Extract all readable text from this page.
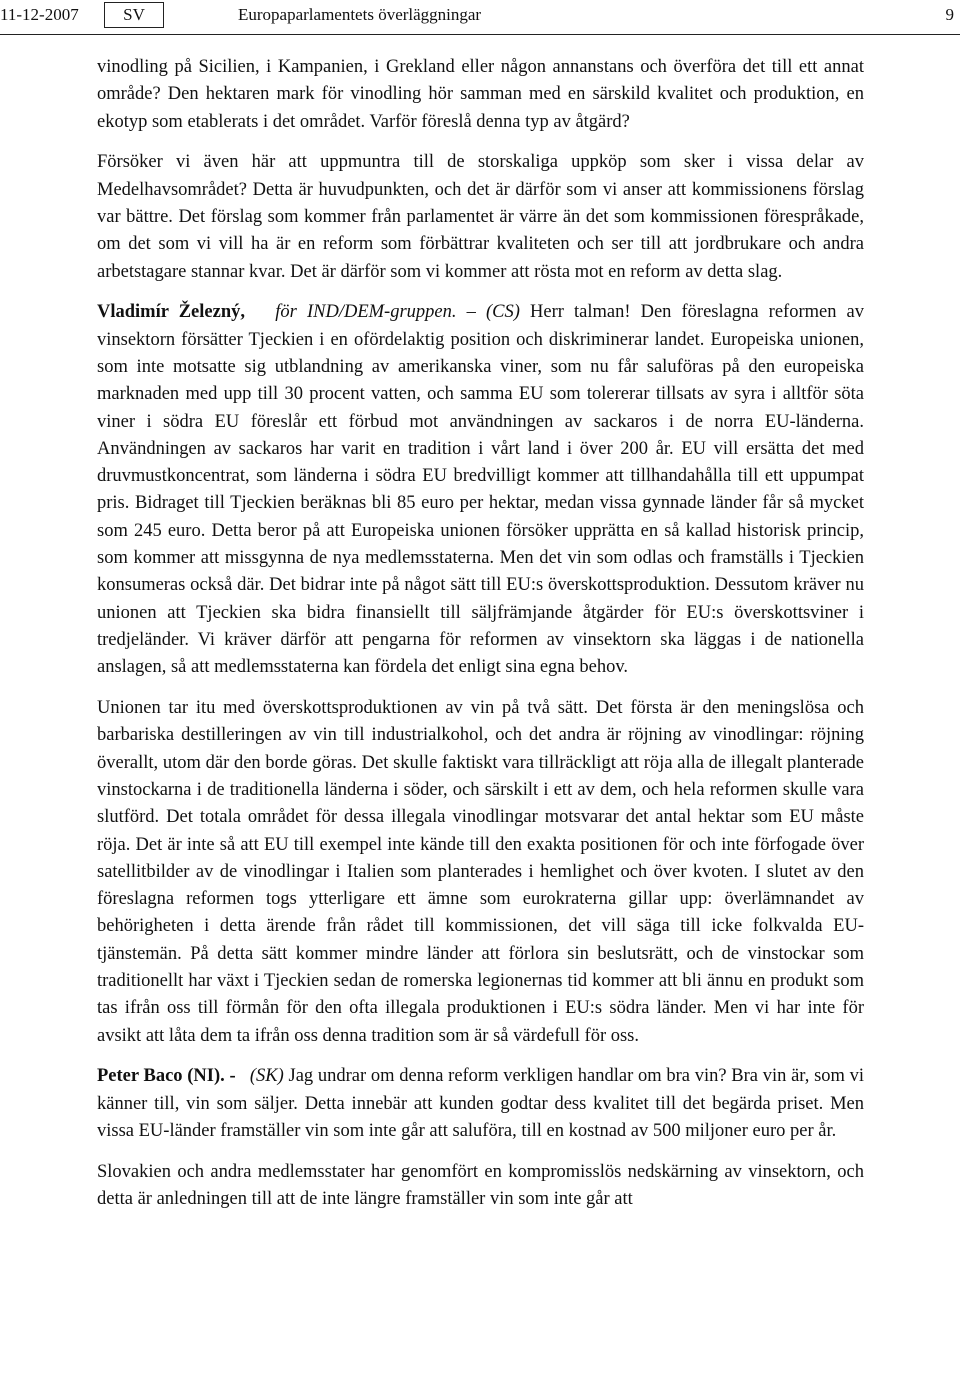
11-12-2007	SV	Europaparlamentets överläggningar	9

vinodling på Sicilien, i Kampanien, i Grekland eller någon annanstans och överföra det till ett annat område? Den hektaren mark för vinodling hör samman med en särskild kvalitet och produktion, en ekotyp som etablerats i det området. Varför föreslå denna typ av åtgärd?

Försöker vi även här att uppmuntra till de storskaliga uppköp som sker i vissa delar av Medelhavsområdet? Detta är huvudpunkten, och det är därför som vi anser att kommissionens förslag var bättre. Det förslag som kommer från parlamentet är värre än det som kommissionen förespråkade, om det som vi vill ha är en reform som förbättrar kvaliteten och ser till att jordbrukare och andra arbetstagare stannar kvar. Det är därför som vi kommer att rösta mot en reform av detta slag.

Vladimír Železný, för IND/DEM-gruppen. – (CS) Herr talman! Den föreslagna reformen av vinsektorn försätter Tjeckien i en ofördelaktig position och diskriminerar landet. Europeiska unionen, som inte motsatte sig utblandning av amerikanska viner, som nu får saluföras på den europeiska marknaden med upp till 30 procent vatten, och samma EU som tolererar tillsats av syra i alltför söta viner i södra EU föreslår ett förbud mot användningen av sackaros i de norra EU-länderna. Användningen av sackaros har varit en tradition i vårt land i över 200 år. EU vill ersätta det med druvmustkoncentrat, som länderna i södra EU bredvilligt kommer att tillhandahålla till ett uppumpat pris. Bidraget till Tjeckien beräknas bli 85 euro per hektar, medan vissa gynnade länder får så mycket som 245 euro. Detta beror på att Europeiska unionen försöker upprätta en så kallad historisk princip, som kommer att missgynna de nya medlemsstaterna. Men det vin som odlas och framställs i Tjeckien konsumeras också där. Det bidrar inte på något sätt till EU:s överskottsproduktion. Dessutom kräver nu unionen att Tjeckien ska bidra finansiellt till säljfrämjande åtgärder för EU:s överskottsviner i tredjeländer. Vi kräver därför att pengarna för reformen av vinsektorn ska läggas i de nationella anslagen, så att medlemsstaterna kan fördela det enligt sina egna behov.

Unionen tar itu med överskottsproduktionen av vin på två sätt. Det första är den meningslösa och barbariska destilleringen av vin till industrialkohol, och det andra är röjning av vinodlingar: röjning överallt, utom där den borde göras. Det skulle faktiskt vara tillräckligt att röja alla de illegalt planterade vinstockarna i de traditionella länderna i söder, och särskilt i ett av dem, och hela reformen skulle vara slutförd. Det totala området för dessa illegala vinodlingar motsvarar det antal hektar som EU måste röja. Det är inte så att EU till exempel inte kände till den exakta positionen för och inte förfogade över satellitbilder av de vinodlingar i Italien som planterades i hemlighet och över kvoten. I slutet av den föreslagna reformen togs ytterligare ett ämne som eurokraterna gillar upp: överlämnandet av behörigheten i detta ärende från rådet till kommissionen, det vill säga till icke folkvalda EU-tjänstemän. På detta sätt kommer mindre länder att förlora sin beslutsrätt, och de vinstockar som traditionellt har växt i Tjeckien sedan de romerska legionernas tid kommer att bli ännu en produkt som tas ifrån oss till förmån för den ofta illegala produktionen i EU:s södra länder. Men vi har inte för avsikt att låta dem ta ifrån oss denna tradition som är så värdefull för oss.

Peter Baco (NI). - (SK) Jag undrar om denna reform verkligen handlar om bra vin? Bra vin är, som vi känner till, vin som säljer. Detta innebär att kunden godtar dess kvalitet till det begärda priset. Men vissa EU-länder framställer vin som inte går att saluföra, till en kostnad av 500 miljoner euro per år.

Slovakien och andra medlemsstater har genomfört en kompromisslös nedskärning av vinsektorn, och detta är anledningen till att de inte längre framställer vin som inte går att
